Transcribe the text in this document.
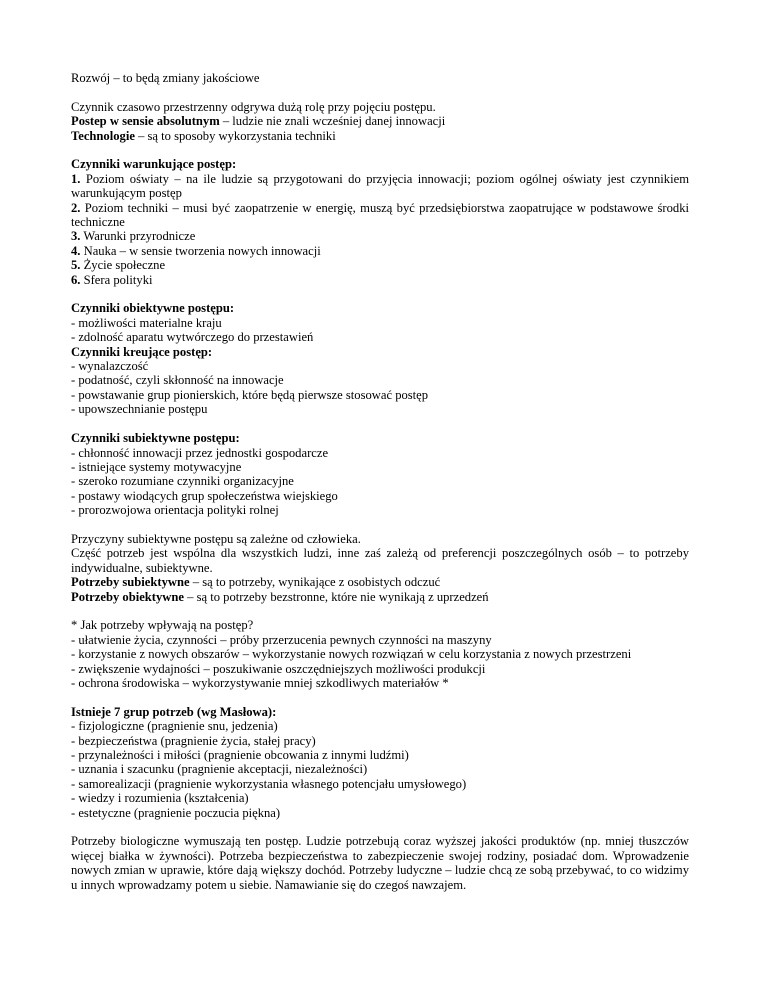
Rozwój – to będą zmiany jakościowe

Czynnik czasowo przestrzenny odgrywa dużą rolę przy pojęciu postępu.

Postep w sensie absolutnym – ludzie nie znali wcześniej danej innowacji

Technologie – są to sposoby wykorzystania techniki

Czynniki warunkujące postęp:

1. Poziom oświaty – na ile ludzie są przygotowani do przyjęcia innowacji; poziom ogólnej oświaty jest czynnikiem warunkującym postęp

2. Poziom techniki – musi być zaopatrzenie w energię, muszą być przedsiębiorstwa zaopatrujące w podstawowe środki techniczne

3. Warunki przyrodnicze

4. Nauka – w sensie tworzenia nowych innowacji

5. Życie społeczne

6. Sfera polityki

Czynniki obiektywne postępu:

- możliwości materialne kraju

- zdolność aparatu wytwórczego do przestawień

Czynniki kreujące postęp:

- wynalazczość

- podatność, czyli skłonność na innowacje

- powstawanie grup pionierskich, które będą pierwsze stosować postęp

- upowszechnianie postępu

Czynniki subiektywne postępu:

- chłonność innowacji przez jednostki gospodarcze

- istniejące systemy motywacyjne

- szeroko rozumiane czynniki organizacyjne

- postawy wiodących grup społeczeństwa wiejskiego

- prorozwojowa orientacja polityki rolnej

Przyczyny subiektywne postępu są zależne od człowieka.

Część potrzeb jest wspólna dla wszystkich ludzi, inne zaś zależą od preferencji poszczególnych osób – to potrzeby indywidualne, subiektywne.

Potrzeby subiektywne – są to potrzeby, wynikające z osobistych odczuć

Potrzeby obiektywne – są to potrzeby bezstronne, które nie wynikają z uprzedzeń

* Jak potrzeby wpływają na postęp?

- ułatwienie życia, czynności – próby przerzucenia pewnych czynności na maszyny

- korzystanie z nowych obszarów – wykorzystanie nowych rozwiązań w celu korzystania z nowych przestrzeni

- zwiększenie wydajności – poszukiwanie oszczędniejszych możliwości produkcji

- ochrona środowiska – wykorzystywanie mniej szkodliwych materiałów *

Istnieje 7 grup potrzeb (wg Masłowa):

- fizjologiczne (pragnienie snu, jedzenia)

- bezpieczeństwa (pragnienie życia, stałej pracy)

- przynależności i miłości (pragnienie obcowania z innymi ludźmi)

- uznania i szacunku (pragnienie akceptacji, niezależności)

- samorealizacji (pragnienie wykorzystania własnego potencjału umysłowego)

- wiedzy i rozumienia (kształcenia)

- estetyczne (pragnienie poczucia piękna)

Potrzeby biologiczne wymuszają ten postęp. Ludzie potrzebują coraz wyższej jakości produktów (np. mniej tłuszczów więcej białka w żywności). Potrzeba bezpieczeństwa to zabezpieczenie swojej rodziny, posiadać dom. Wprowadzenie nowych zmian w uprawie, które dają większy dochód. Potrzeby ludyczne – ludzie chcą ze sobą przebywać, to co widzimy u innych wprowadzamy potem u siebie. Namawianie się do czegoś nawzajem.
